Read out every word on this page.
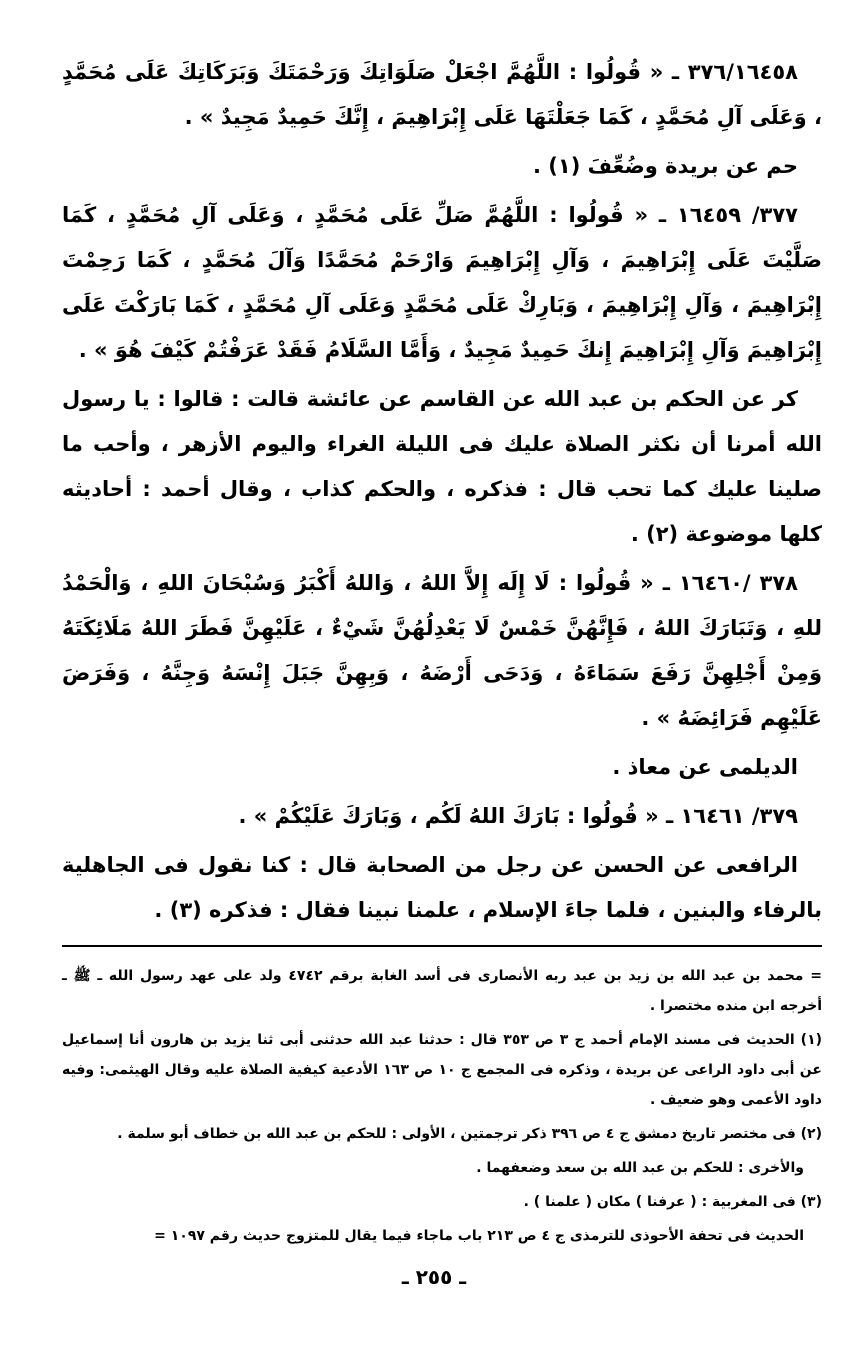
٣٧٦/١٦٤٥٨ ـ « قُولُوا : اللَّهُمَّ اجْعَلْ صَلَوَاتِكَ وَرَحْمَتَكَ وَبَرَكَاتِكَ عَلَى مُحَمَّدٍ ، وَعَلَى آلِ مُحَمَّدٍ ، كَمَا جَعَلْتَهَا عَلَى إِبْرَاهِيمَ ، إِنَّكَ حَمِيدٌ مَجِيدٌ » .

حم عن بريدة وضُعِّفَ (١) .

٣٧٧/ ١٦٤٥٩ ـ « قُولُوا : اللَّهُمَّ صَلِّ عَلَى مُحَمَّدٍ ، وَعَلَى آلِ مُحَمَّدٍ ، كَمَا صَلَّيْتَ عَلَى إِبْرَاهِيمَ ، وَآلِ إِبْرَاهِيمَ وَارْحَمْ مُحَمَّدًا وَآلَ مُحَمَّدٍ ، كَمَا رَحِمْتَ إِبْرَاهِيمَ ، وَآلِ إِبْرَاهِيمَ ، وَبَارِكْ عَلَى مُحَمَّدٍ وَعَلَى آلِ مُحَمَّدٍ ، كَمَا بَارَكْتَ عَلَى إِبْرَاهِيمَ وَآلِ إِبْرَاهِيمَ إِنكَ حَمِيدٌ مَجِيدٌ ، وَأَمَّا السَّلَامُ فَقَدْ عَرَفْتُمْ كَيْفَ هُوَ » .

كر عن الحكم بن عبد الله عن القاسم عن عائشة قالت : قالوا : يا رسول الله أمرنا أن نكثر الصلاة عليك فى الليلة الغراء واليوم الأزهر ، وأحب ما صلينا عليك كما تحب قال : فذكره ، والحكم كذاب ، وقال أحمد : أحاديثه كلها موضوعة (٢) .

٣٧٨ /١٦٤٦٠ ـ « قُولُوا : لَا إِلَه إِلاَّ اللهُ ، وَاللهُ أَكْبَرُ وَسُبْحَانَ اللهِ ، وَالْحَمْدُ للهِ ، وَتَبَارَكَ اللهُ ، فَإِنَّهُنَّ خَمْسٌ لَا يَعْدِلُهُنَّ شَيْءٌ ، عَلَيْهِنَّ فَطَرَ اللهُ مَلَائِكَتَهُ وَمِنْ أَجْلِهِنَّ رَفَعَ سَمَاءَهُ ، وَدَحَى أَرْضَهُ ، وَبِهِنَّ جَبَلَ إِنْسَهُ وَجِنَّهُ ، وَفَرَضَ عَلَيْهِم فَرَائِضَهُ » .

الديلمى عن معاذ .

٣٧٩/ ١٦٤٦١ ـ « قُولُوا : بَارَكَ اللهُ لَكُم ، وَبَارَكَ عَلَيْكُمْ » .

الرافعى عن الحسن عن رجل من الصحابة قال : كنا نقول فى الجاهلية بالرفاء والبنين ، فلما جاءَ الإسلام ، علمنا نبينا فقال : فذكره (٣) .

= محمد بن عبد الله بن زيد بن عبد ربه الأنصارى فى أسد الغابة برقم ٤٧٤٢ ولد على عهد رسول الله ـ ﷺ ـ أخرجه ابن منده مختصرا .

(١) الحديث فى مسند الإمام أحمد ج ٣ ص ٣٥٣ قال : حدثنا عبد الله حدثنى أبى ثنا يزيد بن هارون أنا إسماعيل عن أبى داود الراعى عن بريدة ، وذكره فى المجمع ج ١٠ ص ١٦٣ الأدعية كيفية الصلاة عليه وقال الهيثمى: وفيه داود الأعمى وهو ضعيف .

(٢) فى مختصر تاريخ دمشق ج ٤ ص ٣٩٦ ذكر ترجمتين ، الأولى : للحكم بن عبد الله بن خطاف أبو سلمة .

والأخرى : للحكم بن عبد الله بن سعد وضعفهما .

(٣) فى المغربية : ( عرفنا ) مكان ( علمنا ) .

الحديث فى تحفة الأحوذى للترمذى ج ٤ ص ٢١٣ باب ماجاء فيما يقال للمتزوج حديث رقم ١٠٩٧ =

ـ ٢٥٥ ـ
